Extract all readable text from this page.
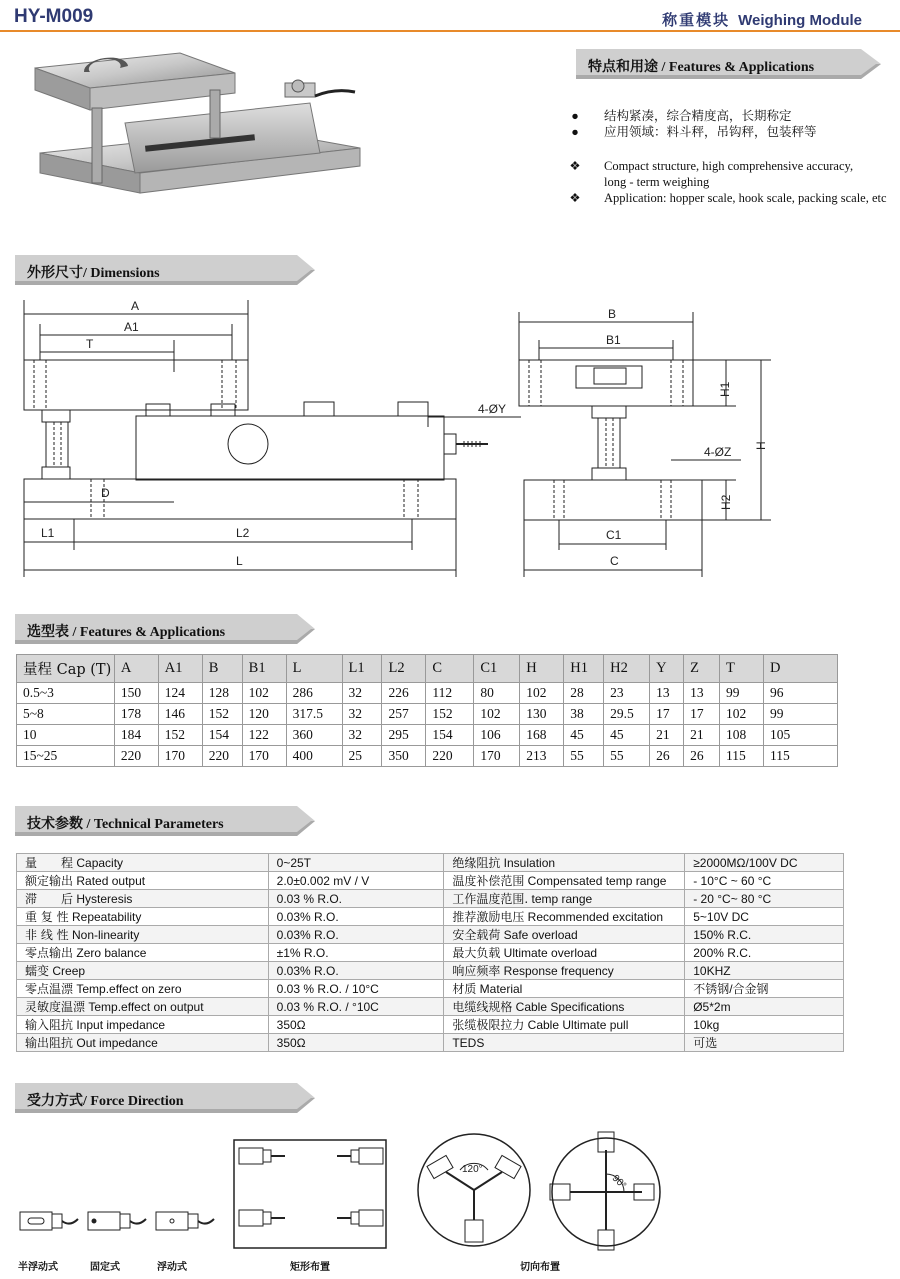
HY-M009	称重模块 Weighing Module
特点和用途 / Features & Applications
● 结构紧凑，综合精度高，长期称定
● 应用领域：料斗秤，吊钩秤，包装秤等
❖ Compact structure, high comprehensive accuracy,
long - term weighing
❖ Application: hopper scale, hook scale, packing scale, etc
外形尺寸/ Dimensions
A
A1
T
D
L1	L2
L
4-ØY
B
B1
H1
H
H2
4-ØZ
C1
C
选型表 / Features & Applications
量程 Cap (T)	A	A1	B	B1	L	L1	L2	C	C1	H	H1	H2	Y	Z	T	D
0.5~3	150	124	128	102	286	32	226	112	80	102	28	23	13	13	99	96
5~8	178	146	152	120	317.5	32	257	152	102	130	38	29.5	17	17	102	99
10	184	152	154	122	360	32	295	154	106	168	45	45	21	21	108	105
15~25	220	170	220	170	400	25	350	220	170	213	55	55	26	26	115	115
技术参数 / Technical Parameters
量　　程 Capacity	0~25T	绝缘阻抗 Insulation	≥2000MΩ/100V DC
额定输出 Rated output	2.0±0.002 mV / V	温度补偿范围 Compensated temp range	- 10°C ~ 60 °C
滞　　后 Hysteresis	0.03 % R.O.	工作温度范围. temp range	- 20 °C~ 80 °C
重 复 性 Repeatability	0.03% R.O.	推荐激励电压 Recommended excitation	5~10V DC
非 线 性 Non-linearity	0.03% R.O.	安全载荷 Safe overload	150% R.C.
零点输出 Zero balance	±1% R.O.	最大负载 Ultimate overload	200% R.C.
蠕变 Creep	0.03% R.O.	响应频率 Response frequency	10KHZ
零点温漂 Temp.effect on zero	0.03 % R.O. / 10°C	材质 Material	不锈钢/合金钢
灵敏度温漂 Temp.effect on output	0.03 % R.O. / °10C	电缆线规格 Cable Specifications	Ø5*2m
输入阻抗 Input impedance	350Ω	张缆极限拉力 Cable Ultimate pull	10kg
输出阻抗 Out impedance	350Ω	TEDS	可选
受力方式/ Force Direction
120°
90°
半浮动式	固定式	浮动式	矩形布置	切向布置
